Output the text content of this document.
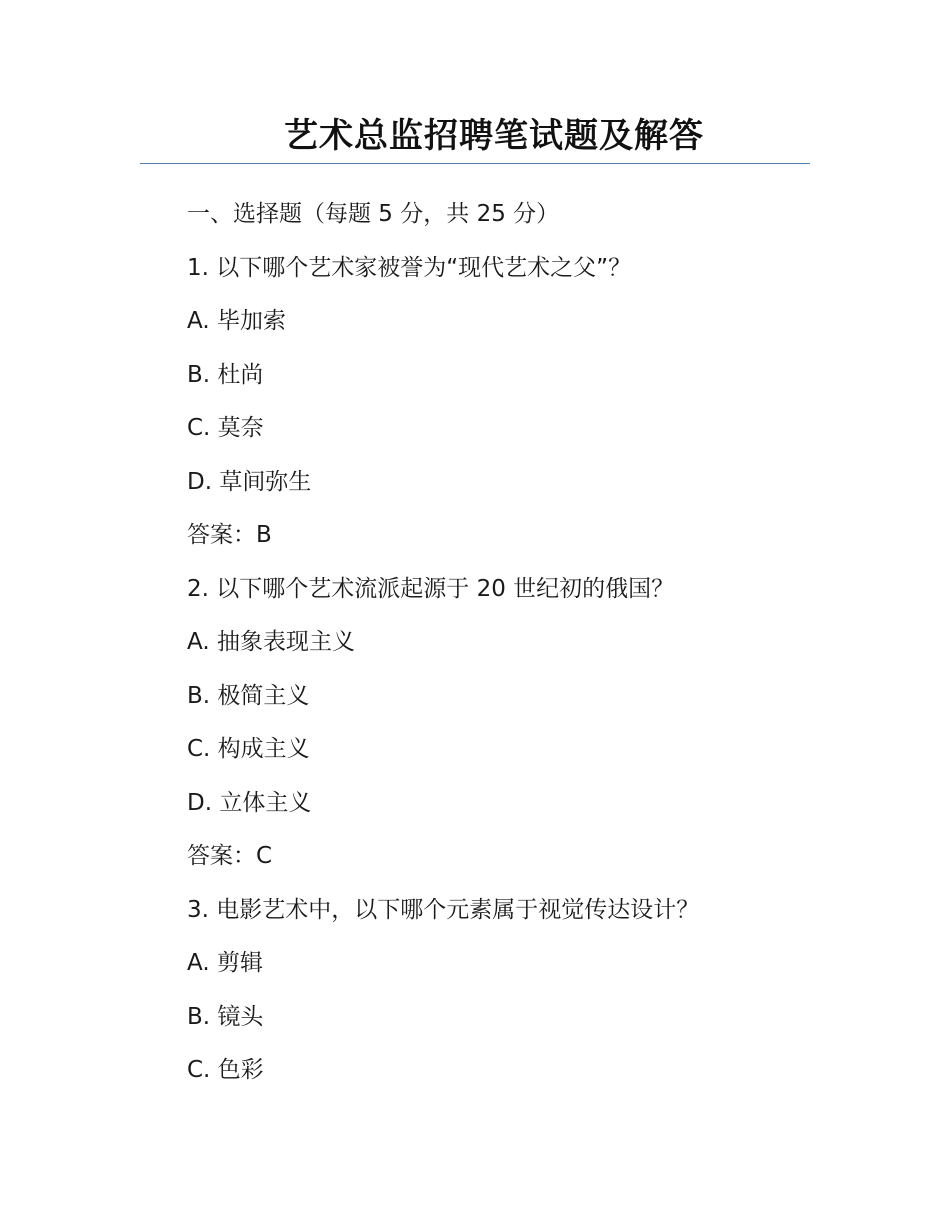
艺术总监招聘笔试题及解答
一、选择题（每题 5 分，共 25 分）
1. 以下哪个艺术家被誉为“现代艺术之父”？
A. 毕加索
B. 杜尚
C. 莫奈
D. 草间弥生
答案：B
2. 以下哪个艺术流派起源于 20 世纪初的俄国？
A. 抽象表现主义
B. 极简主义
C. 构成主义
D. 立体主义
答案：C
3. 电影艺术中，以下哪个元素属于视觉传达设计？
A. 剪辑
B. 镜头
C. 色彩
